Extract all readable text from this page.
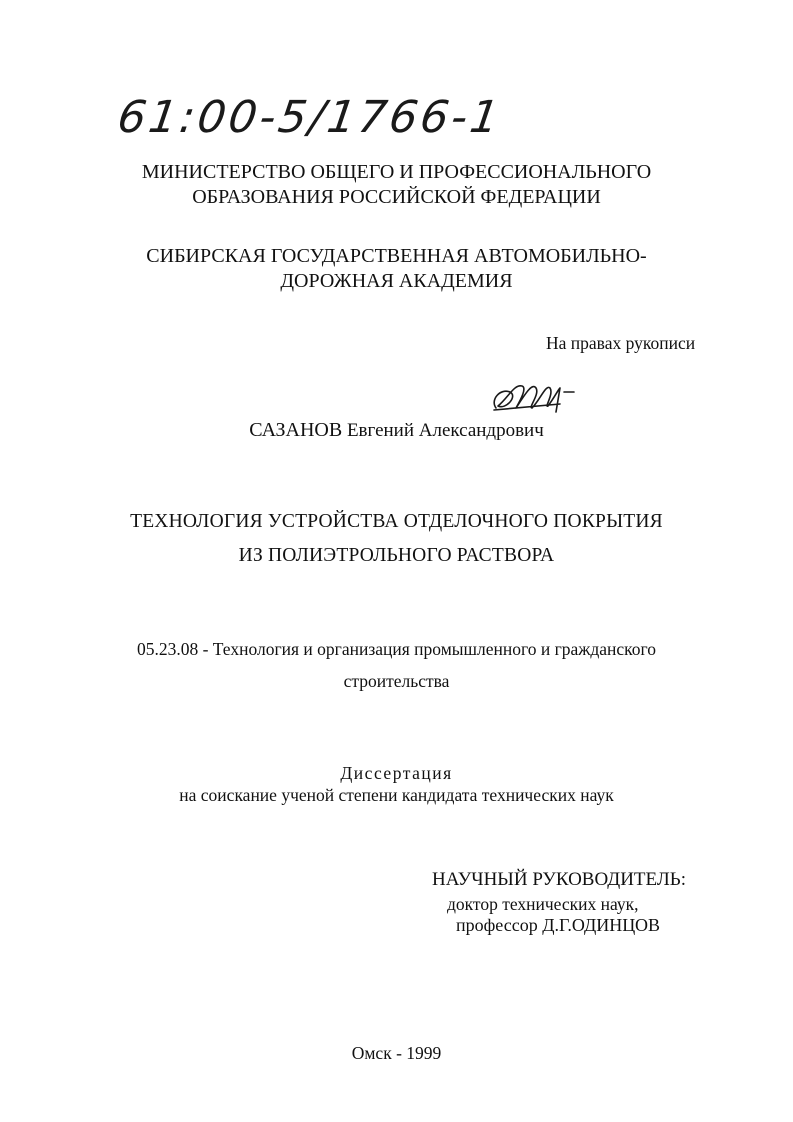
61:00-5/1766-1
МИНИСТЕРСТВО ОБЩЕГО И ПРОФЕССИОНАЛЬНОГО
ОБРАЗОВАНИЯ РОССИЙСКОЙ ФЕДЕРАЦИИ
СИБИРСКАЯ ГОСУДАРСТВЕННАЯ АВТОМОБИЛЬНО-
ДОРОЖНАЯ АКАДЕМИЯ
На правах рукописи
САЗАНОВ Евгений Александрович
ТЕХНОЛОГИЯ УСТРОЙСТВА ОТДЕЛОЧНОГО ПОКРЫТИЯ
ИЗ ПОЛИЭТРОЛЬНОГО РАСТВОРА
05.23.08 - Технология и организация промышленного и гражданского
строительства
Диссертация
на соискание ученой степени кандидата технических наук
НАУЧНЫЙ РУКОВОДИТЕЛЬ:
доктор технических наук,
профессор Д.Г.ОДИНЦОВ
Омск - 1999
